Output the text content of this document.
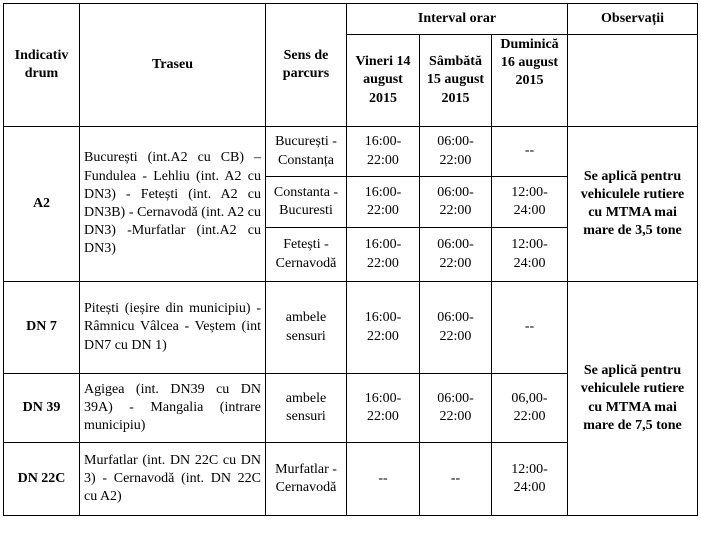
Indicativ drum	Traseu	Sens de parcurs	Interval orar			Observații
			Vineri 14 august 2015	Sâmbătă 15 august 2015	Duminică 16 august 2015	
A2	București (int.A2 cu CB) – Fundulea - Lehliu (int. A2 cu DN3) - Fetești (int. A2 cu DN3B) - Cernavodă (int. A2 cu DN3) -Murfatlar (int.A2 cu DN3)	București - Constanța	16:00-22:00	06:00-22:00	--	Se aplică pentru vehiculele rutiere cu MTMA mai mare de 3,5 tone
		Constanta - Bucuresti	16:00-22:00	06:00-22:00	12:00-24:00	
		Fetești - Cernavodă	16:00-22:00	06:00-22:00	12:00-24:00	
DN 7	Pitești (ieșire din municipiu) - Râmnicu Vâlcea - Veștem (int DN7 cu DN 1)	ambele sensuri	16:00-22:00	06:00-22:00	--	Se aplică pentru vehiculele rutiere cu MTMA mai mare de 7,5 tone
DN 39	Agigea (int. DN39 cu DN 39A) - Mangalia (intrare municipiu)	ambele sensuri	16:00-22:00	06:00-22:00	06,00-22:00	
DN 22C	Murfatlar (int. DN 22C cu DN 3) - Cernavodă (int. DN 22C cu A2)	Murfatlar - Cernavodă	--	--	12:00-24:00	
